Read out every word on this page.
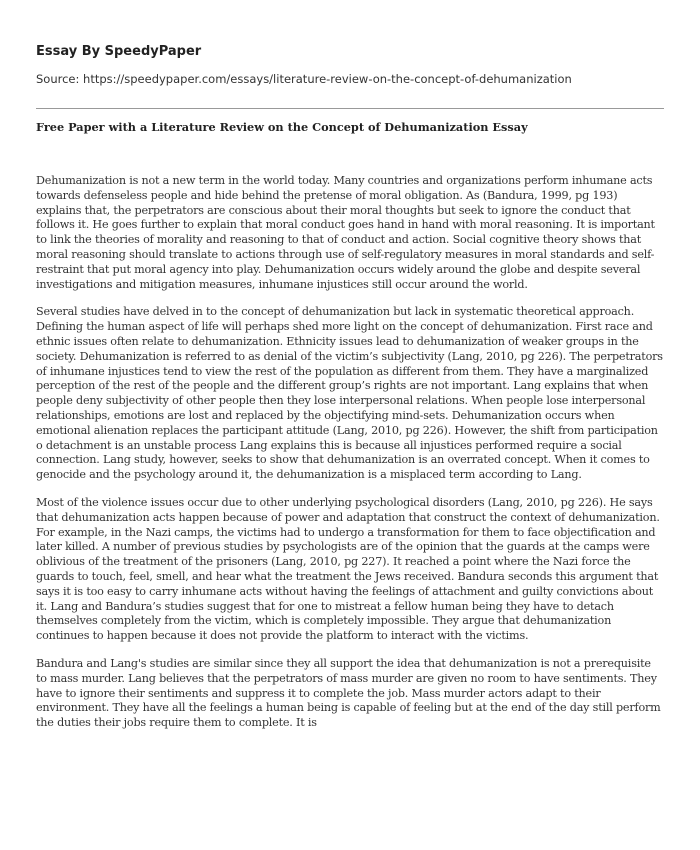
Essay By SpeedyPaper
Source: https://speedypaper.com/essays/literature-review-on-the-concept-of-dehumanization
Free Paper with a Literature Review on the Concept of Dehumanization Essay

Dehumanization is not a new term in the world today. Many countries and organizations perform inhumane acts towards defenseless people and hide behind the pretense of moral obligation. As (Bandura, 1999, pg 193) explains that, the perpetrators are conscious about their moral thoughts but seek to ignore the conduct that follows it. He goes further to explain that moral conduct goes hand in hand with moral reasoning. It is important to link the theories of morality and reasoning to that of conduct and action. Social cognitive theory shows that moral reasoning should translate to actions through use of self-regulatory measures in moral standards and self-restraint that put moral agency into play. Dehumanization occurs widely around the globe and despite several investigations and mitigation measures, inhumane injustices still occur around the world.

Several studies have delved in to the concept of dehumanization but lack in systematic theoretical approach. Defining the human aspect of life will perhaps shed more light on the concept of dehumanization. First race and ethnic issues often relate to dehumanization. Ethnicity issues lead to dehumanization of weaker groups in the society. Dehumanization is referred to as denial of the victim’s subjectivity (Lang, 2010, pg 226). The perpetrators of inhumane injustices tend to view the rest of the population as different from them. They have a marginalized perception of the rest of the people and the different group’s rights are not important. Lang explains that when people deny subjectivity of other people then they lose interpersonal relations. When people lose interpersonal relationships, emotions are lost and replaced by the objectifying mind-sets. Dehumanization occurs when emotional alienation replaces the participant attitude (Lang, 2010, pg 226). However, the shift from participation o detachment is an unstable process Lang explains this is because all injustices performed require a social connection. Lang study, however, seeks to show that dehumanization is an overrated concept. When it comes to genocide and the psychology around it, the dehumanization is a misplaced term according to Lang.

Most of the violence issues occur due to other underlying psychological disorders (Lang, 2010, pg 226). He says that dehumanization acts happen because of power and adaptation that construct the context of dehumanization. For example, in the Nazi camps, the victims had to undergo a transformation for them to face objectification and later killed. A number of previous studies by psychologists are of the opinion that the guards at the camps were oblivious of the treatment of the prisoners (Lang, 2010, pg 227). It reached a point where the Nazi force the guards to touch, feel, smell, and hear what the treatment the Jews received. Bandura seconds this argument that says it is too easy to carry inhumane acts without having the feelings of attachment and guilty convictions about it. Lang and Bandura’s studies suggest that for one to mistreat a fellow human being they have to detach themselves completely from the victim, which is completely impossible. They argue that dehumanization continues to happen because it does not provide the platform to interact with the victims.

Bandura and Lang's studies are similar since they all support the idea that dehumanization is not a prerequisite to mass murder. Lang believes that the perpetrators of mass murder are given no room to have sentiments. They have to ignore their sentiments and suppress it to complete the job. Mass murder actors adapt to their environment. They have all the feelings a human being is capable of feeling but at the end of the day still perform the duties their jobs require them to complete. It is
